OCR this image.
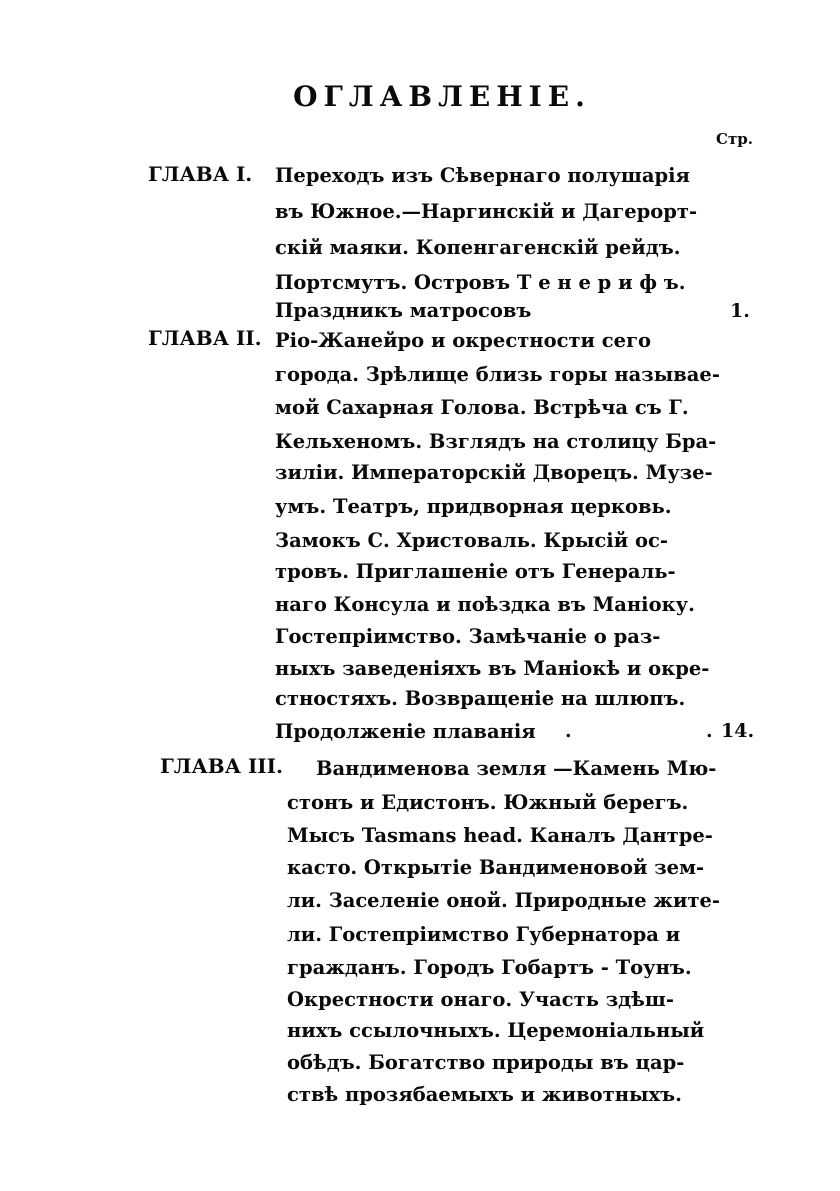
ОГЛАВЛЕНІЕ.
Стр.
ГЛАВА I. Переходъ изъ Сѣвернаго полушарія
въ Южное.—Наргинскій и Дагерорт-
скій маяки. Копенгагенскій рейдъ.
Портсмутъ. Островъ Т е н е р и ф ъ.
Праздникъ матросовъ	1.
ГЛАВА II. Ріо-Жанейро и окрестности сего
города. Зрѣлище близь горы называе-
мой Сахарная Голова. Встрѣча съ Г.
Кельхеномъ. Взглядъ на столицу Бра-
зиліи. Императорскій Дворецъ. Музе-
умъ. Театръ, придворная церковь.
Замокъ С. Христоваль. Крысій ос-
тровъ. Приглашеніе отъ Генераль-
наго Консула и поѣздка въ Маніоку.
Гостепріимство. Замѣчаніе о раз-
ныхъ заведеніяхъ въ Маніокѣ и окре-
стностяхъ. Возвращеніе на шлюпъ.
Продолженіе плаванія .	. 14.
ГЛАВА III. Вандименова земля —Камень Мю-
стонъ и Едистонъ. Южный берегъ.
Мысъ Tasmans head. Каналъ Дантре-
кастo. Открытіе Вандименовой зем-
ли. Заселеніе оной. Природные жите-
ли. Гостепріимство Губернатора и
гражданъ. Городъ Гобартъ - Тоунъ.
Окрестности онаго. Участь здѣш-
нихъ ссылочныхъ. Церемоніальный
обѣдъ. Богатство природы въ цар-
ствѣ прозябаемыхъ и животныхъ.
